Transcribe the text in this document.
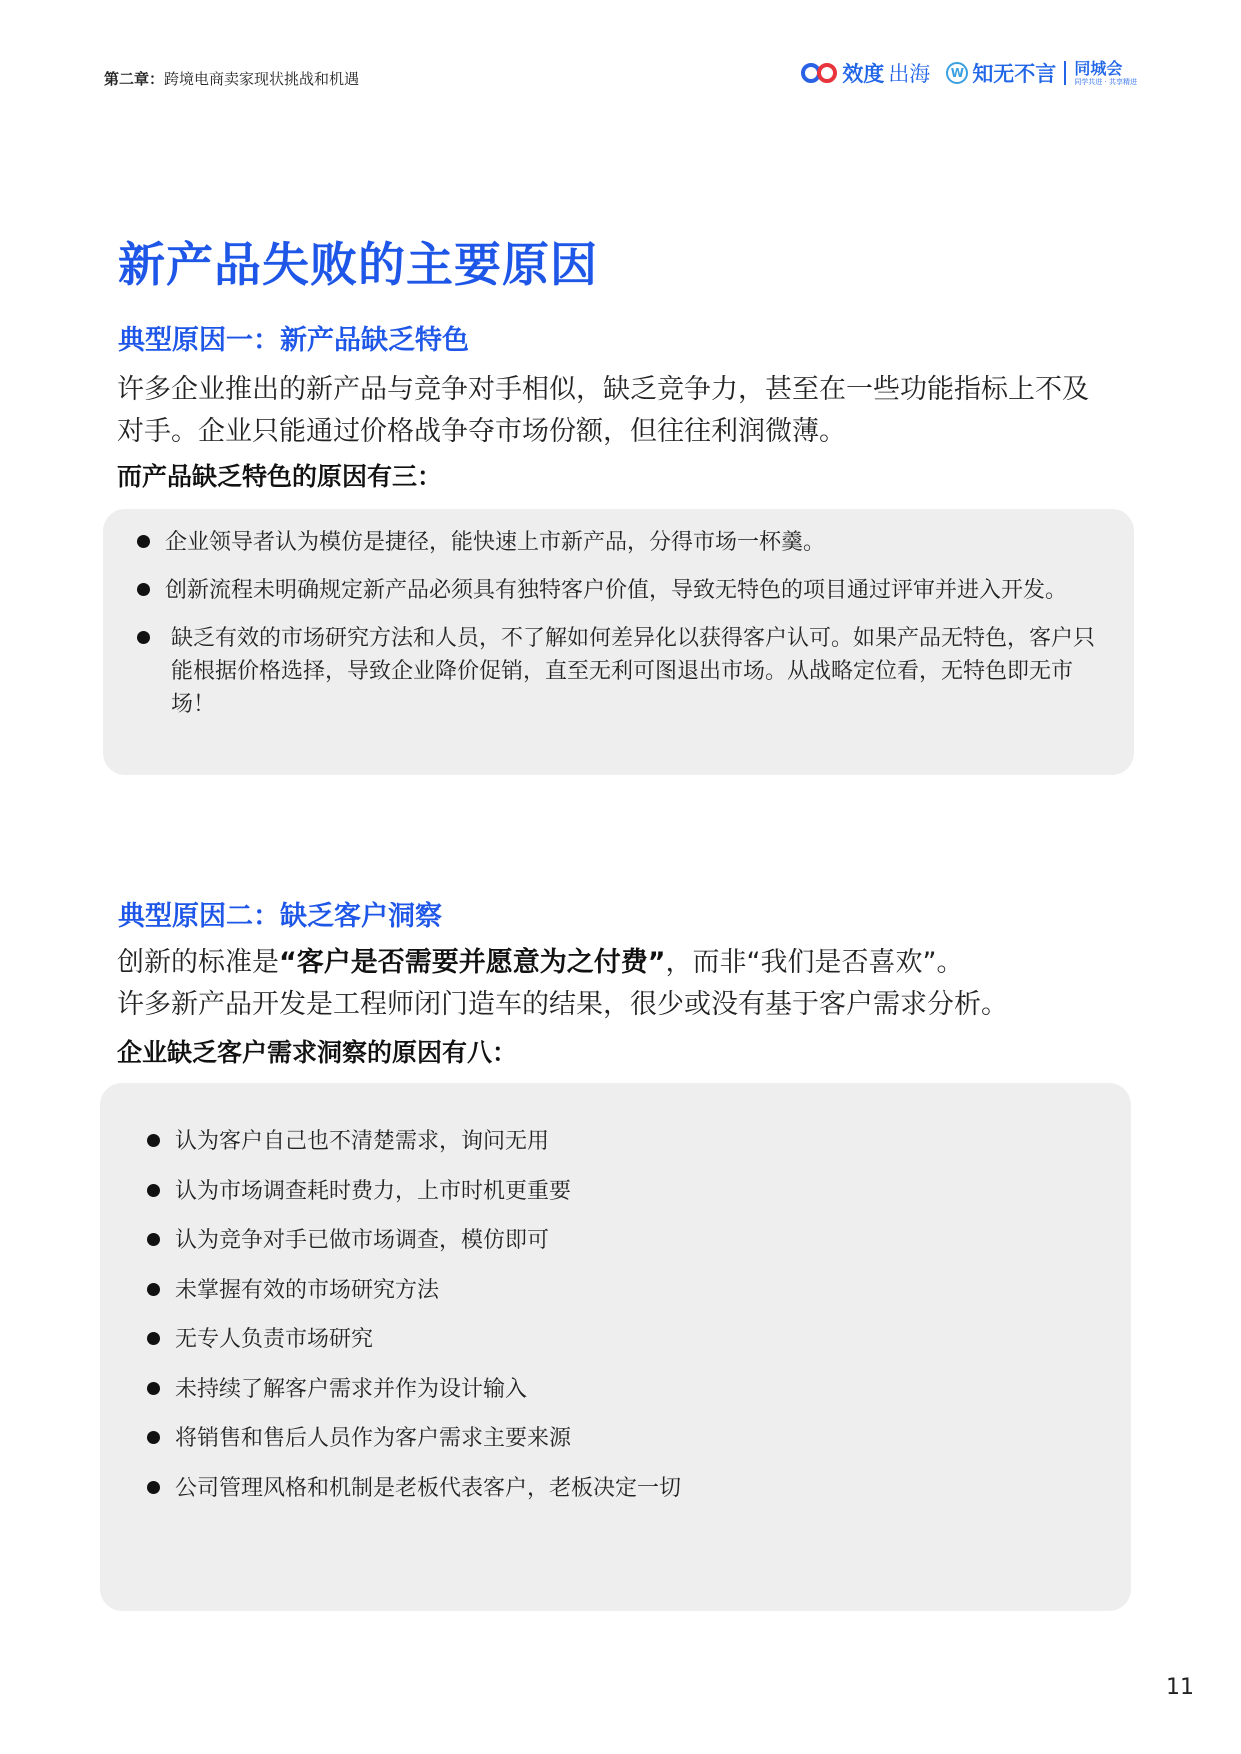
第二章：跨境电商卖家现状挑战和机遇	效度 出海	W 知无不言 同城会
同学共进 · 共享精进
新产品失败的主要原因
典型原因一：新产品缺乏特色
许多企业推出的新产品与竞争对手相似，缺乏竞争力，甚至在一些功能指标上不及
对手。企业只能通过价格战争夺市场份额，但往往利润微薄。
而产品缺乏特色的原因有三：
企业领导者认为模仿是捷径，能快速上市新产品，分得市场一杯羹。
创新流程未明确规定新产品必须具有独特客户价值，导致无特色的项目通过评审并进入开发。
缺乏有效的市场研究方法和人员，不了解如何差异化以获得客户认可。如果产品无特色，客户只能根据价格选择，导致企业降价促销，直至无利可图退出市场。从战略定位看，无特色即无市场！
典型原因二：缺乏客户洞察
创新的标准是“客户是否需要并愿意为之付费”，而非“我们是否喜欢”。
许多新产品开发是工程师闭门造车的结果，很少或没有基于客户需求分析。
企业缺乏客户需求洞察的原因有八：
认为客户自己也不清楚需求，询问无用
认为市场调查耗时费力，上市时机更重要
认为竞争对手已做市场调查，模仿即可
未掌握有效的市场研究方法
无专人负责市场研究
未持续了解客户需求并作为设计输入
将销售和售后人员作为客户需求主要来源
公司管理风格和机制是老板代表客户，老板决定一切
11
